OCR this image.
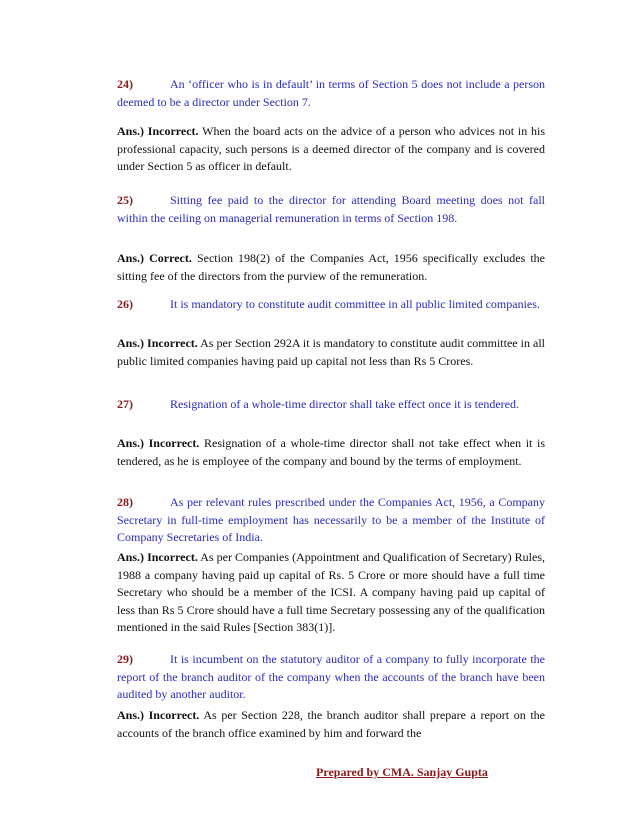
24)	An ‘officer who is in default’ in terms of Section 5 does not include a person deemed to be a director under Section 7.
Ans.) Incorrect. When the board acts on the advice of a person who advices not in his professional capacity, such persons is a deemed director of the company and is covered under Section 5 as officer in default.
25)	Sitting fee paid to the director for attending Board meeting does not fall within the ceiling on managerial remuneration in terms of Section 198.
Ans.) Correct. Section 198(2) of the Companies Act, 1956 specifically excludes the sitting fee of the directors from the purview of the remuneration.
26)	It is mandatory to constitute audit committee in all public limited companies.
Ans.) Incorrect. As per Section 292A it is mandatory to constitute audit committee in all public limited companies having paid up capital not less than Rs 5 Crores.
27)	Resignation of a whole-time director shall take effect once it is tendered.
Ans.) Incorrect. Resignation of a whole-time director shall not take effect when it is tendered, as he is employee of the company and bound by the terms of employment.
28)	As per relevant rules prescribed under the Companies Act, 1956, a Company Secretary in full-time employment has necessarily to be a member of the Institute of Company Secretaries of India.
Ans.) Incorrect. As per Companies (Appointment and Qualification of Secretary) Rules, 1988 a company having paid up capital of Rs. 5 Crore or more should have a full time Secretary who should be a member of the ICSI. A company having paid up capital of less than Rs 5 Crore should have a full time Secretary possessing any of the qualification mentioned in the said Rules [Section 383(1)].
29)	It is incumbent on the statutory auditor of a company to fully incorporate the report of the branch auditor of the company when the accounts of the branch have been audited by another auditor.
Ans.) Incorrect. As per Section 228, the branch auditor shall prepare a report on the accounts of the branch office examined by him and forward the
Prepared by CMA. Sanjay Gupta
